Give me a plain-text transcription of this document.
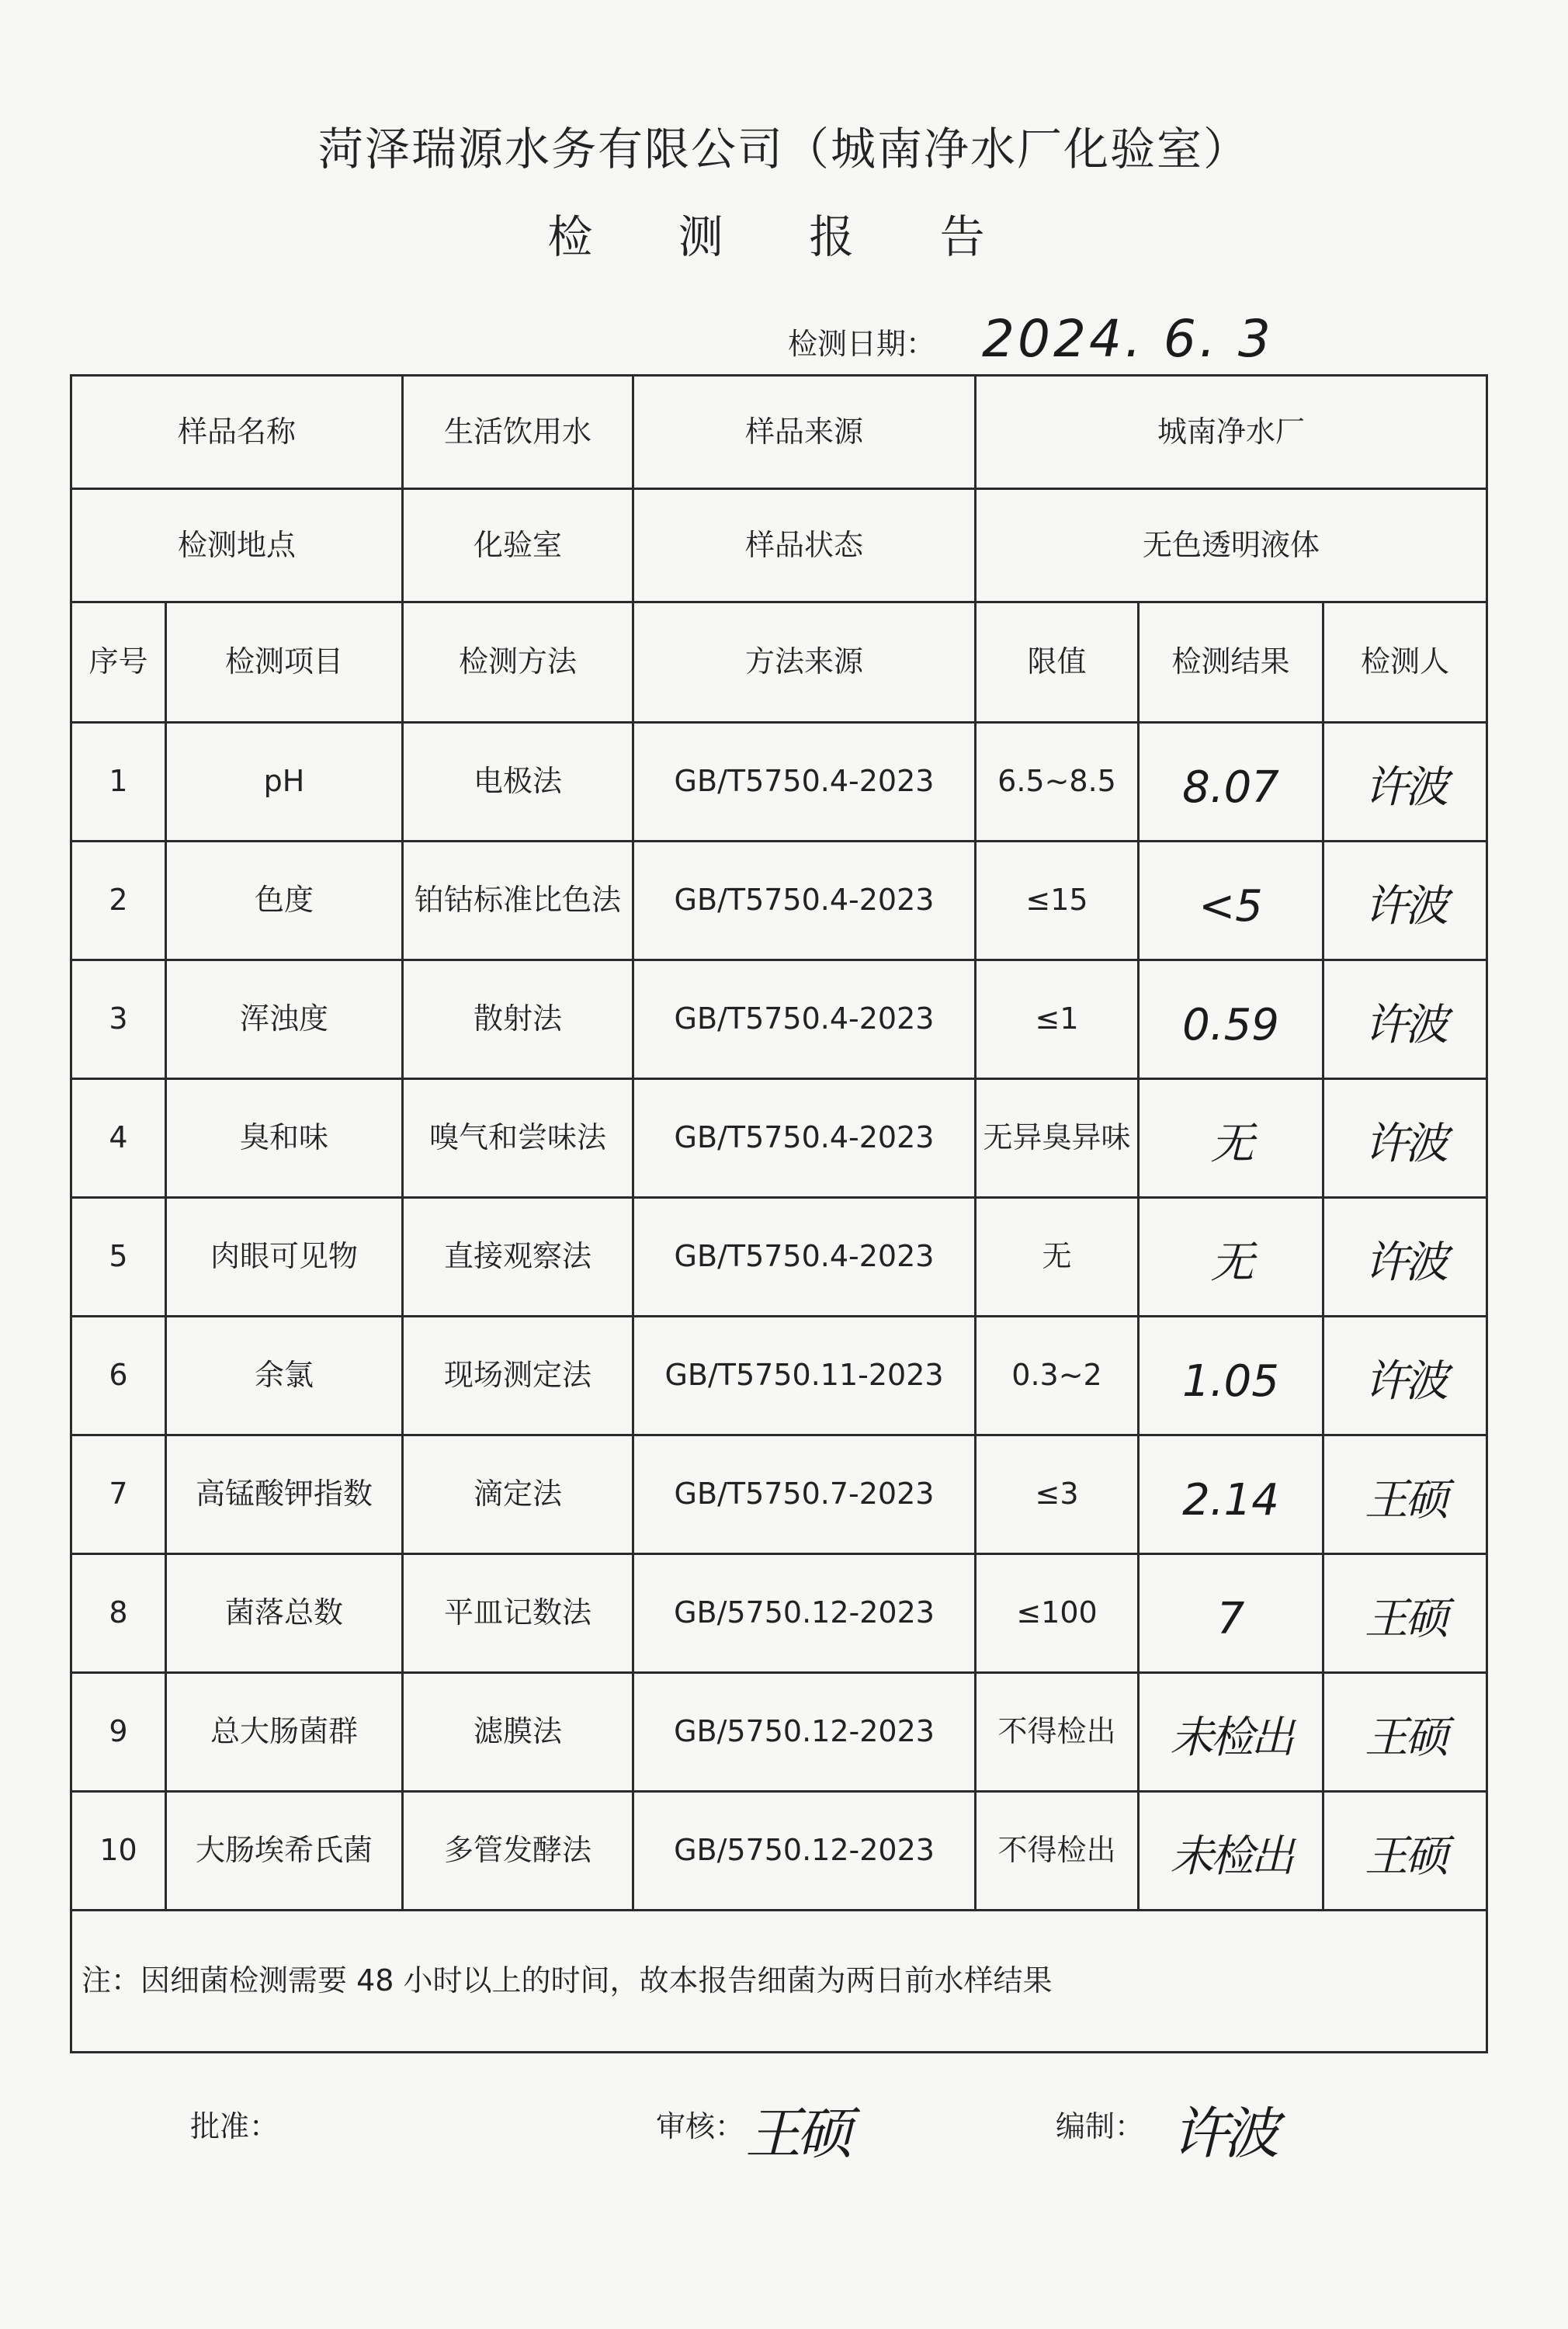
菏泽瑞源水务有限公司（城南净水厂化验室）
检 测 报 告
检测日期： 2024. 6. 3
样品名称		生活饮用水	样品来源	城南净水厂		
检测地点		化验室	样品状态	无色透明液体		
序号	检测项目	检测方法	方法来源	限值	检测结果	检测人
1	pH	电极法	GB/T5750.4-2023	6.5~8.5	8.07	许波

2	色度	铂钴标准比色法	GB/T5750.4-2023	≤15	<5	许波

3	浑浊度	散射法	GB/T5750.4-2023	≤1	0.59	许波

4	臭和味	嗅气和尝味法	GB/T5750.4-2023	无异臭异味	无	许波

5	肉眼可见物	直接观察法	GB/T5750.4-2023	无	无	许波

6	余氯	现场测定法	GB/T5750.11-2023	0.3~2	1.05	许波

7	高锰酸钾指数	滴定法	GB/T5750.7-2023	≤3	2.14	王硕

8	菌落总数	平皿记数法	GB/5750.12-2023	≤100	7	王硕

9	总大肠菌群	滤膜法	GB/5750.12-2023	不得检出	未检出	王硕

10	大肠埃希氏菌	多管发酵法	GB/5750.12-2023	不得检出	未检出	王硕

注：因细菌检测需要 48 小时以上的时间，故本报告细菌为两日前水样结果						
批准：	审核： 王硕	编制： 许波
